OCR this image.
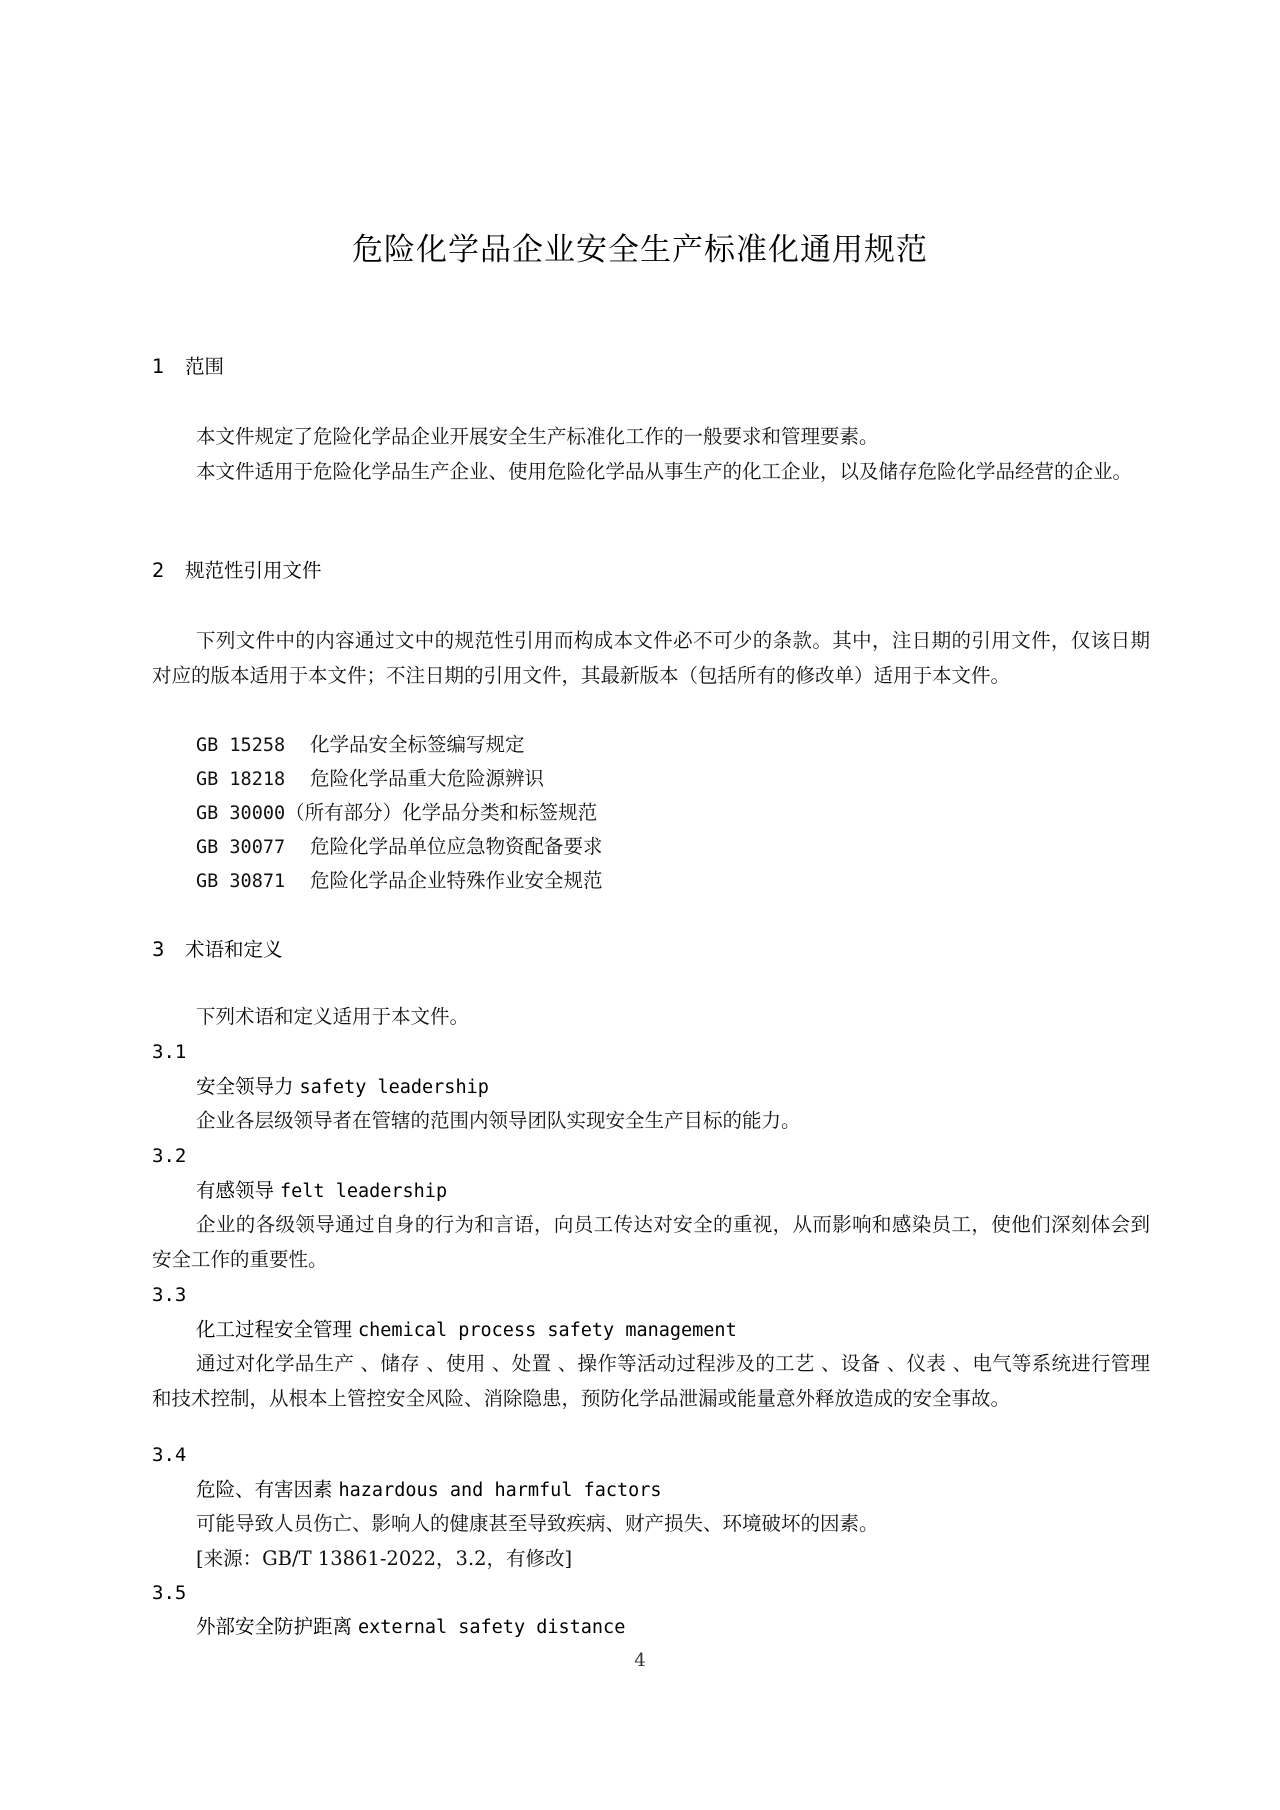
危险化学品企业安全生产标准化通用规范
1 范围
本文件规定了危险化学品企业开展安全生产标准化工作的一般要求和管理要素。
本文件适用于危险化学品生产企业、使用危险化学品从事生产的化工企业，以及储存危险化学品经营的企业。
2 规范性引用文件
下列文件中的内容通过文中的规范性引用而构成本文件必不可少的条款。其中，注日期的引用文件，仅该日期对应的版本适用于本文件；不注日期的引用文件，其最新版本（包括所有的修改单）适用于本文件。
GB 15258 化学品安全标签编写规定
GB 18218 危险化学品重大危险源辨识
GB 30000（所有部分）化学品分类和标签规范
GB 30077 危险化学品单位应急物资配备要求
GB 30871 危险化学品企业特殊作业安全规范
3 术语和定义
下列术语和定义适用于本文件。
3.1
安全领导力 safety leadership
企业各层级领导者在管辖的范围内领导团队实现安全生产目标的能力。
3.2
有感领导 felt leadership
企业的各级领导通过自身的行为和言语，向员工传达对安全的重视，从而影响和感染员工，使他们深刻体会到安全工作的重要性。
3.3
化工过程安全管理 chemical process safety management
通过对化学品生产 、储存 、使用 、处置 、操作等活动过程涉及的工艺 、设备 、仪表 、电气等系统进行管理和技术控制，从根本上管控安全风险、消除隐患，预防化学品泄漏或能量意外释放造成的安全事故。
3.4
危险、有害因素 hazardous and harmful factors
可能导致人员伤亡、影响人的健康甚至导致疾病、财产损失、环境破坏的因素。
[来源：GB/T 13861-2022，3.2，有修改]
3.5
外部安全防护距离 external safety distance
4
